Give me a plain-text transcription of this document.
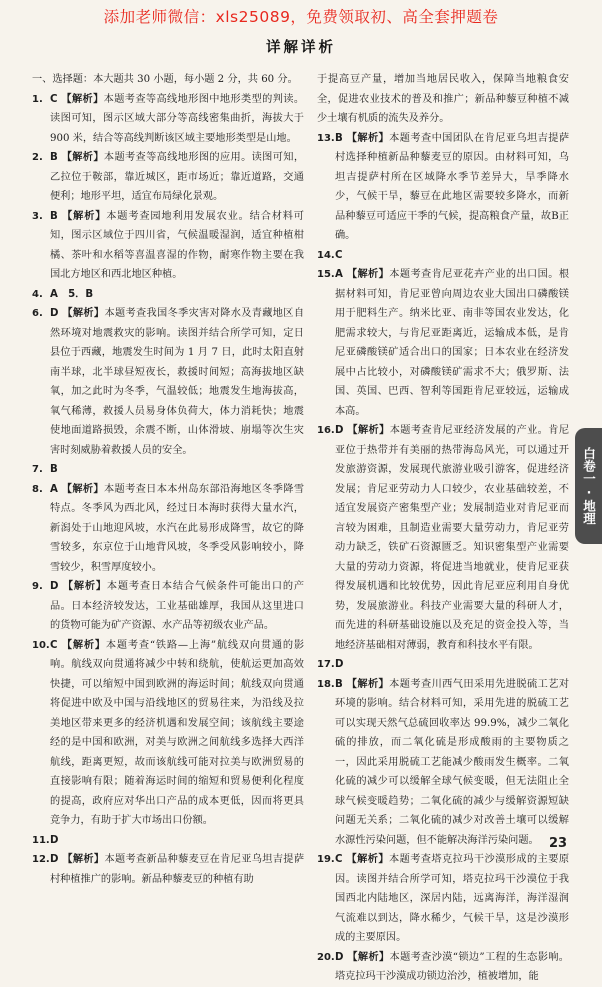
添加老师微信：xls25089，免费领取初、高全套押题卷
详解详析

一、选择题：本大题共 30 小题，每小题 2 分，共 60 分。

1. C 【解析】本题考查等高线地形图中地形类型的判读。读图可知，图示区域大部分等高线密集曲折，海拔大于 900 米，结合等高线判断该区域主要地形类型是山地。
2. B 【解析】本题考查等高线地形图的应用。读图可知，乙拉位于鞍部，靠近城区，距市场近；靠近道路，交通便利；地形平坦，适宜布局绿化景观。
3. B 【解析】本题考查园地利用发展农业。结合材料可知，图示区域位于四川省，气候温暖湿润，适宜种植柑橘、茶叶和水稻等喜温喜湿的作物，耐寒作物主要在我国北方地区和西北地区种植。
4. A　5．B
6. D 【解析】本题考查我国冬季灾害对降水及青藏地区自然环境对地震救灾的影响。读图并结合所学可知，定日县位于西藏，地震发生时间为 1 月 7 日，此时太阳直射南半球，北半球昼短夜长，救援时间短；高海拔地区缺氧，加之此时为冬季，气温较低；地震发生地海拔高，氧气稀薄，救援人员易身体负荷大，体力消耗快；地震使地面道路损毁，余震不断，山体滑坡、崩塌等次生灾害时刻威胁着救援人员的安全。
7. B
8. A 【解析】本题考查日本本州岛东部沿海地区冬季降雪特点。冬季风为西北风，经过日本海时获得大量水汽，新潟处于山地迎风坡，水汽在此易形成降雪，故它的降雪较多，东京位于山地背风坡，冬季受风影响较小，降雪较少，积雪厚度较小。
9. D 【解析】本题考查日本结合气候条件可能出口的产品。日本经济较发达，工业基础雄厚，我国从这里进口的货物可能为矿产资源、水产品等初级农业产品。
10. C 【解析】本题考查“铁路—上海”航线双向贯通的影响。航线双向贯通将减少中转和绕航，使航运更加高效快捷，可以缩短中国到欧洲的海运时间；航线双向贯通将促进中欧及中国与沿线地区的贸易往来，为沿线及拉美地区带来更多的经济机遇和发展空间；该航线主要途经的是中国和欧洲，对美与欧洲之间航线多选择大西洋航线，距离更短，故而该航线可能对拉美与欧洲贸易的直接影响有限；随着海运时间的缩短和贸易便利化程度的提高，政府应对华出口产品的成本更低，因而将更具竞争力，有助于扩大市场出口份额。
11. D
12. D 【解析】本题考查新品种藜麦豆在肯尼亚乌坦吉提萨村种植推广的影响。新品种藜麦豆的种植有助

于提高豆产量，增加当地居民收入，保障当地粮食安全，促进农业技术的普及和推广；新品种藜豆种植不减少土壤有机质的流失及养分。

13. B 【解析】本题考查中国团队在肯尼亚乌坦吉提萨村选择种植新品种藜麦豆的原因。由材料可知，乌坦吉提萨村所在区域降水季节差异大，旱季降水少，气候干旱，藜豆在此地区需要较多降水，而新品种藜豆可适应干季的气候，提高粮食产量，故B正确。
14. C
15. A 【解析】本题考查肯尼亚花卉产业的出口国。根据材料可知，肯尼亚曾向周边农业大国出口磷酸镁用于肥料生产。纳米比亚、南非等国农业发达，化肥需求较大，与肯尼亚距离近，运输成本低，是肯尼亚磷酸镁矿适合出口的国家；日本农业在经济发展中占比较小，对磷酸镁矿需求不大；俄罗斯、法国、英国、巴西、智利等国距肯尼亚较远，运输成本高。
16. D 【解析】本题考查肯尼亚经济发展的产业。肯尼亚位于热带并有美丽的热带海岛风光，可以通过开发旅游资源，发展现代旅游业吸引游客，促进经济发展；肯尼亚劳动力人口较少，农业基础较差，不适宜发展资产密集型产业；发展制造业对肯尼亚而言较为困难，且制造业需要大量劳动力，肯尼亚劳动力缺乏，铁矿石资源匮乏。知识密集型产业需要大量的劳动力资源，将促进当地就业，使肯尼亚获得发展机遇和比较优势，因此肯尼亚应利用自身优势，发展旅游业。科技产业需要大量的科研人才，而先进的科研基础设施以及充足的资金投入等，当地经济基础相对薄弱，教育和科技水平有限。
17. D
18. B 【解析】本题考查川西气田采用先进脱硫工艺对环境的影响。结合材料可知，采用先进的脱硫工艺可以实现天然气总硫回收率达 99.9%，减少二氧化硫的排放，而二氧化硫是形成酸雨的主要物质之一，因此采用脱硫工艺能减少酸雨发生概率。二氧化硫的减少可以缓解全球气候变暖，但无法阻止全球气候变暖趋势；二氧化硫的减少与缓解资源短缺问题无关系；二氧化硫的减少对改善土壤可以缓解水源性污染问题，但不能解决海洋污染问题。
19. C 【解析】本题考查塔克拉玛干沙漠形成的主要原因。读图并结合所学可知，塔克拉玛干沙漠位于我国西北内陆地区，深居内陆，远离海洋，海洋湿润气流难以到达，降水稀少，气候干旱，这是沙漠形成的主要原因。
20. D 【解析】本题考查沙漠“锁边”工程的生态影响。塔克拉玛干沙漠成功锁边治沙，植被增加，能
白卷一·地理
23
